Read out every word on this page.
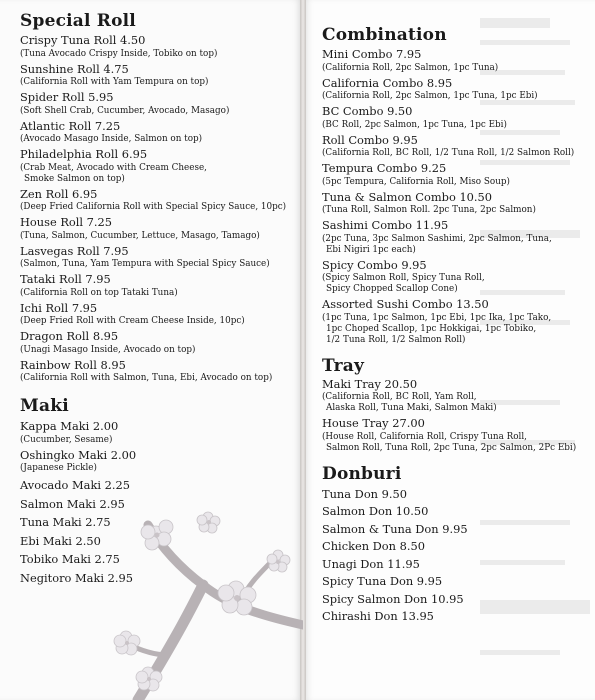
Special Roll
Crispy Tuna Roll 4.50
(Tuna Avocado Crispy Inside, Tobiko on top)
Sunshine Roll 4.75
(California Roll with Yam Tempura on top)
Spider Roll 5.95
(Soft Shell Crab, Cucumber, Avocado, Masago)
Atlantic Roll 7.25
(Avocado Masago Inside, Salmon on top)
Philadelphia Roll 6.95
(Crab Meat, Avocado with Cream Cheese,
Smoke Salmon on top)
Zen Roll 6.95
(Deep Fried California Roll with Special Spicy Sauce, 10pc)
House Roll 7.25
(Tuna, Salmon, Cucumber, Lettuce, Masago, Tamago)
Lasvegas Roll 7.95
(Salmon, Tuna, Yam Tempura with Special Spicy Sauce)
Tataki Roll 7.95
(California Roll on top Tataki Tuna)
Ichi Roll 7.95
(Deep Fried Roll with Cream Cheese Inside, 10pc)
Dragon Roll 8.95
(Unagi Masago Inside, Avocado on top)
Rainbow Roll 8.95
(California Roll with Salmon, Tuna, Ebi, Avocado on top)
Maki
Kappa Maki 2.00
(Cucumber, Sesame)
Oshingko Maki 2.00
(Japanese Pickle)
Avocado Maki 2.25
Salmon Maki 2.95
Tuna Maki 2.75
Ebi Maki 2.50
Tobiko Maki 2.75
Negitoro Maki 2.95
Combination
Mini Combo 7.95
(California Roll, 2pc Salmon, 1pc Tuna)
California Combo 8.95
(California Roll, 2pc Salmon, 1pc Tuna, 1pc Ebi)
BC Combo 9.50
(BC Roll, 2pc Salmon, 1pc Tuna, 1pc Ebi)
Roll Combo 9.95
(California Roll, BC Roll, 1/2 Tuna Roll, 1/2 Salmon Roll)
Tempura Combo 9.25
(5pc Tempura, California Roll, Miso Soup)
Tuna & Salmon Combo 10.50
(Tuna Roll, Salmon Roll. 2pc Tuna, 2pc Salmon)
Sashimi Combo 11.95
(2pc Tuna, 3pc Salmon Sashimi, 2pc Salmon, Tuna,
Ebi Nigiri 1pc each)
Spicy Combo 9.95
(Spicy Salmon Roll, Spicy Tuna Roll,
Spicy Chopped Scallop Cone)
Assorted Sushi Combo 13.50
(1pc Tuna, 1pc Salmon, 1pc Ebi, 1pc Ika, 1pc Tako,
1pc Choped Scallop, 1pc Hokkigai, 1pc Tobiko,
1/2 Tuna Roll, 1/2 Salmon Roll)
Tray
Maki Tray 20.50
(California Roll, BC Roll, Yam Roll,
Alaska Roll, Tuna Maki, Salmon Maki)
House Tray 27.00
(House Roll, California Roll, Crispy Tuna Roll,
Salmon Roll, Tuna Roll, 2pc Tuna, 2pc Salmon, 2Pc Ebi)
Donburi
Tuna Don 9.50
Salmon Don 10.50
Salmon & Tuna Don 9.95
Chicken Don 8.50
Unagi Don 11.95
Spicy Tuna Don 9.95
Spicy Salmon Don 10.95
Chirashi Don 13.95
